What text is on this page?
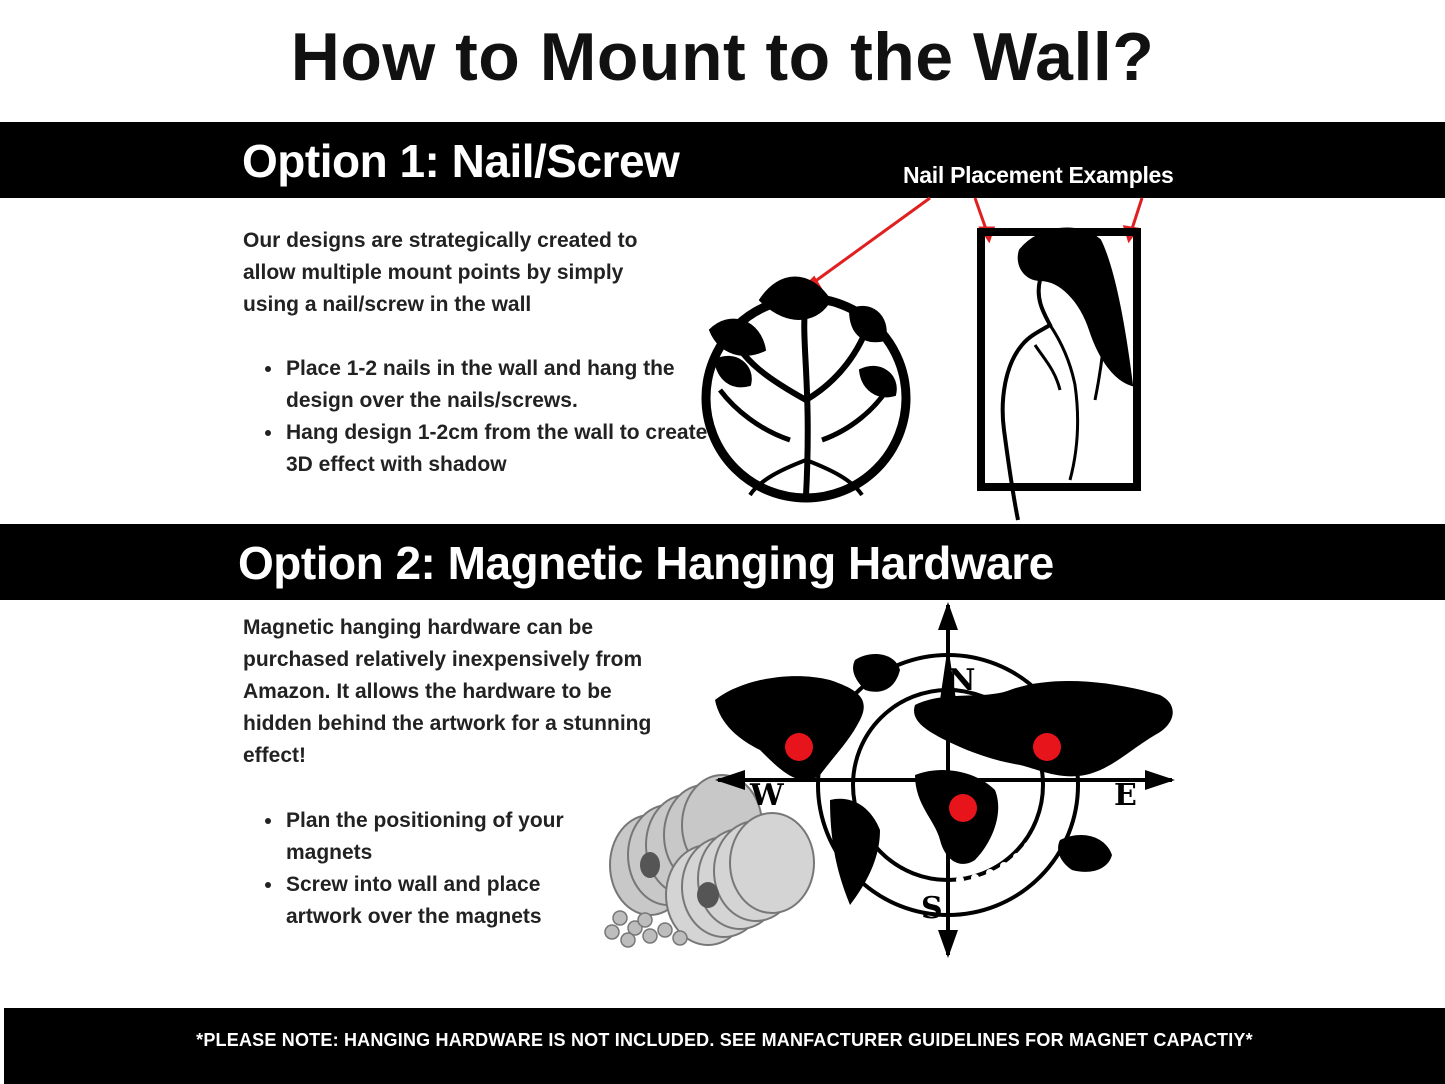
How to Mount to the Wall?
Option 1: Nail/Screw	Nail Placement Examples
Our designs are strategically created to allow multiple mount points by simply using a nail/screw in the wall
• Place 1-2 nails in the wall and hang the design over the nails/screws.
• Hang design 1-2cm from the wall to create 3D effect with shadow
Option 2: Magnetic Hanging Hardware
Magnetic hanging hardware can be purchased relatively inexpensively from Amazon. It allows the hardware to be hidden behind the artwork for a stunning effect!
• Plan the positioning of your magnets
• Screw into wall and place artwork over the magnets
N
S
E
W
*PLEASE NOTE: HANGING HARDWARE IS NOT INCLUDED. SEE MANFACTURER GUIDELINES FOR MAGNET CAPACTIY*
